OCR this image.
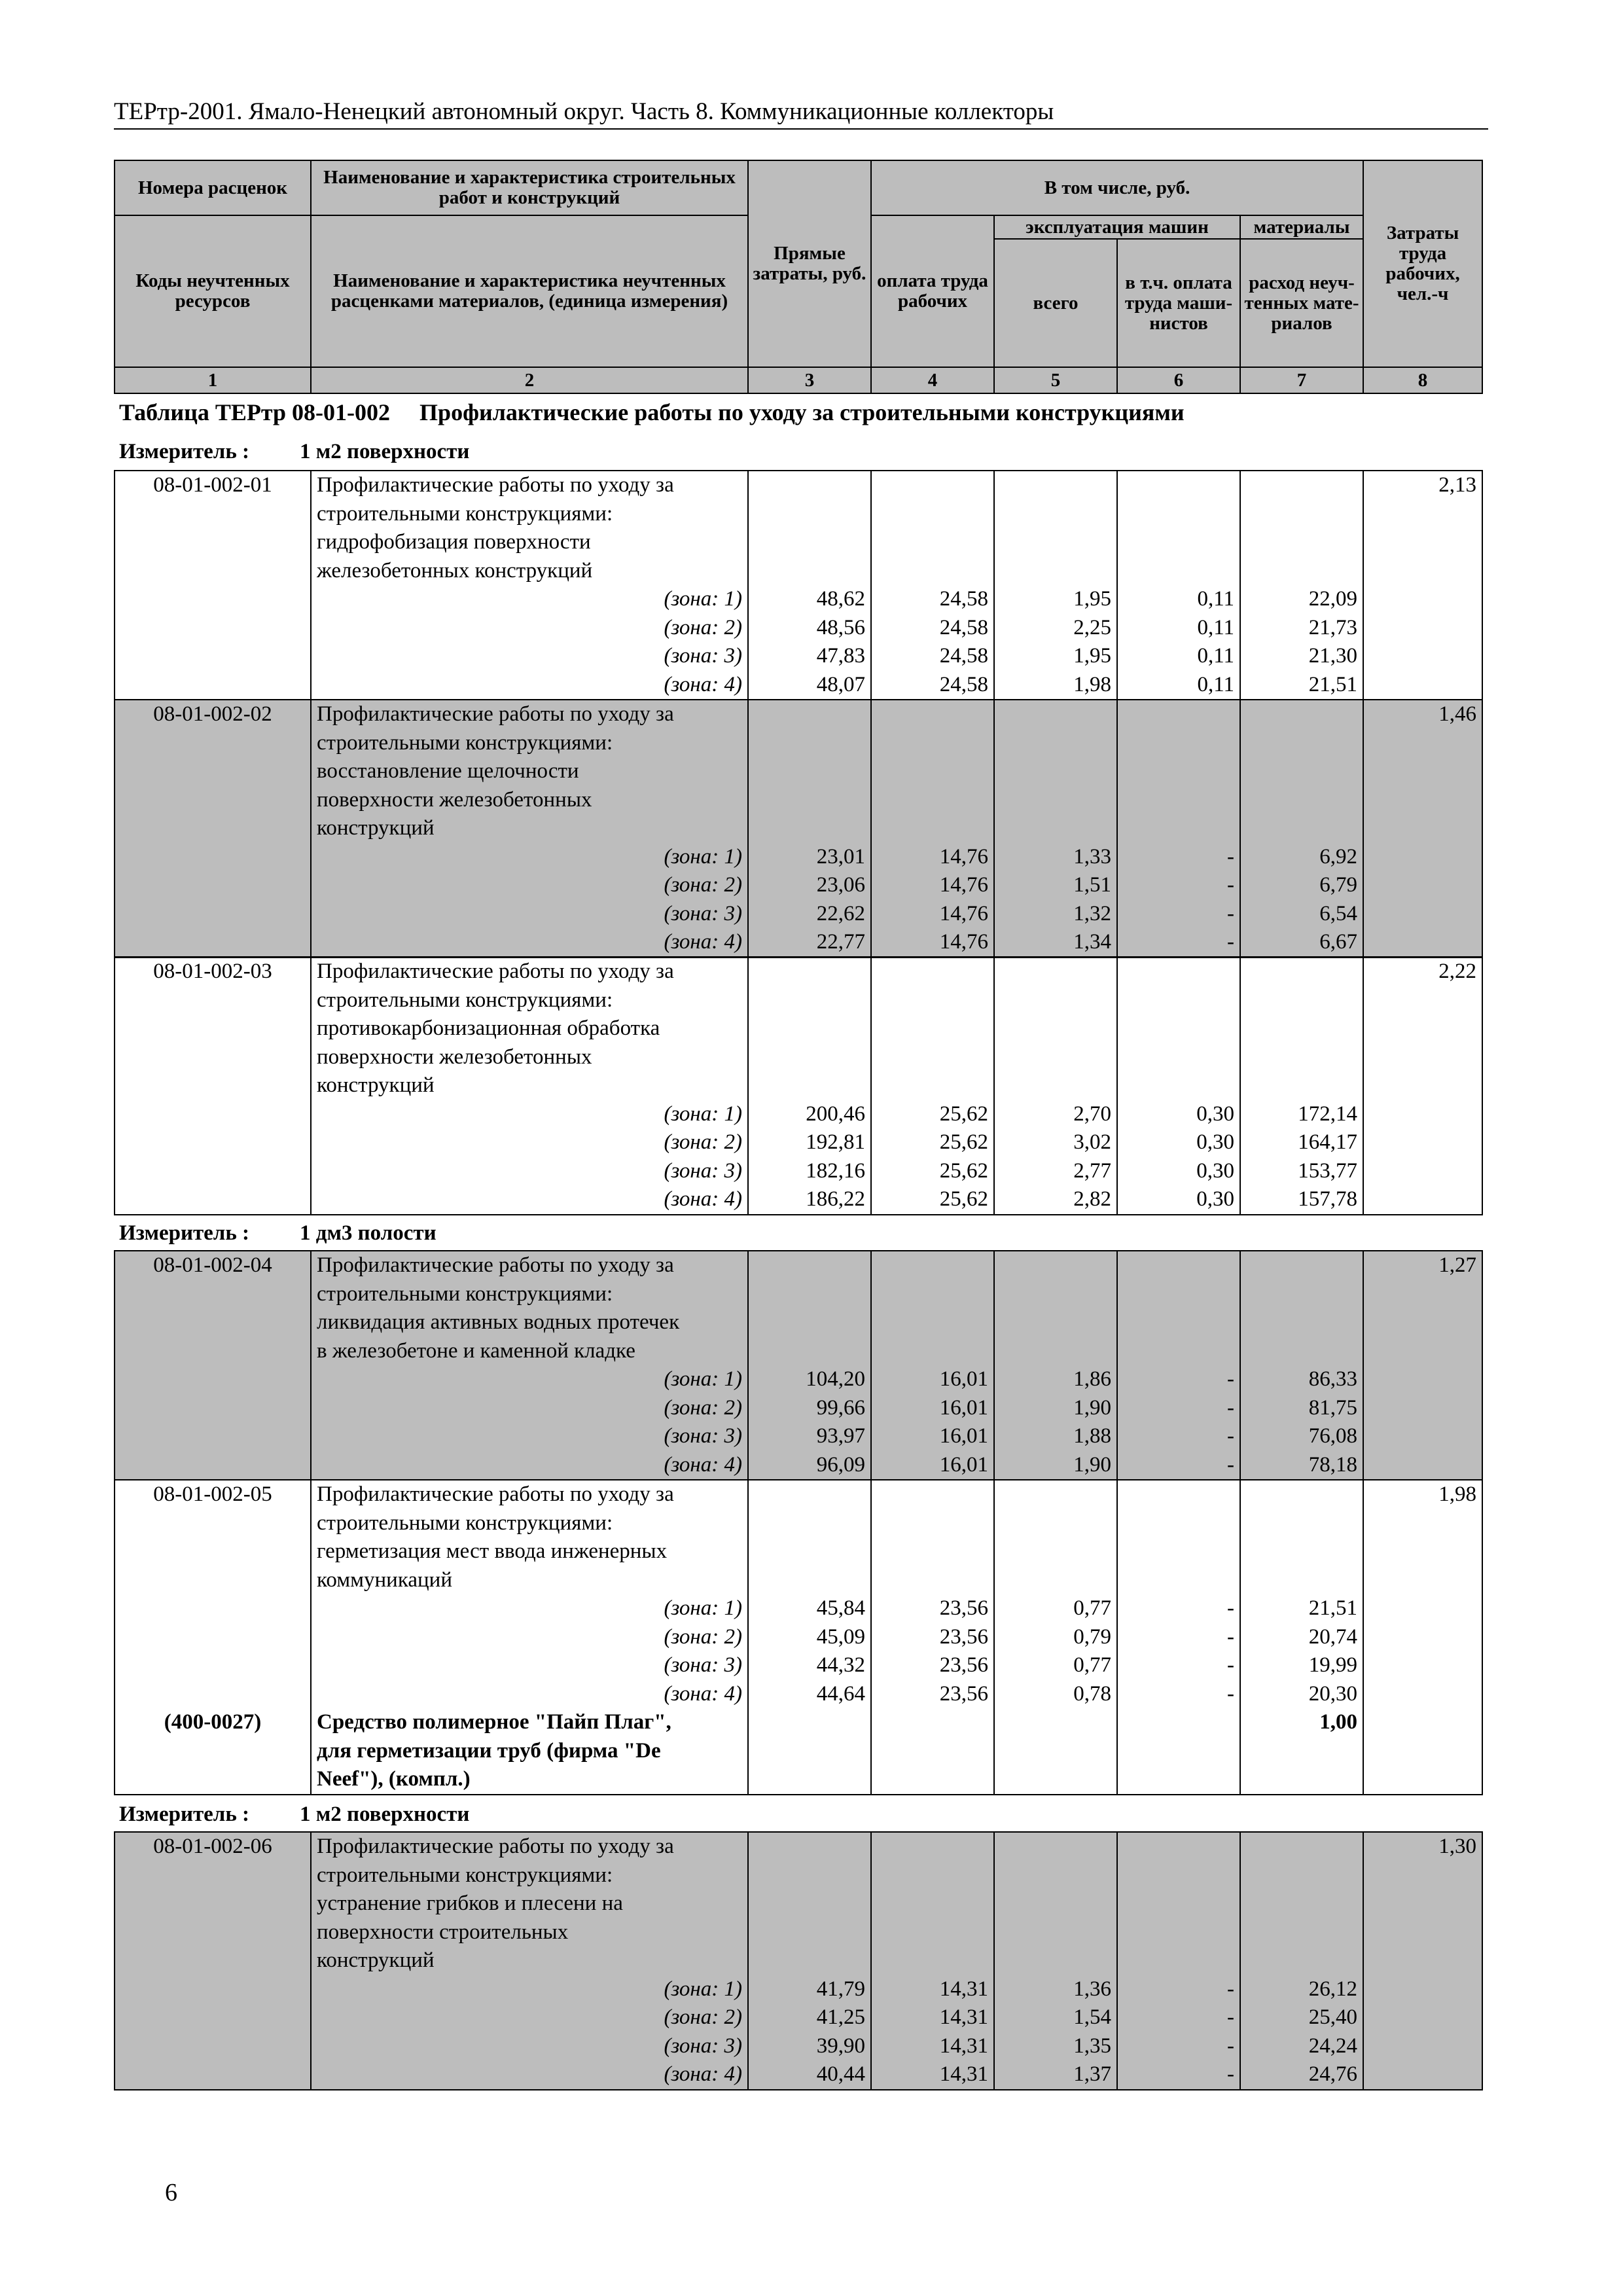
ТЕРтр-2001. Ямало-Ненецкий автономный округ. Часть 8. Коммуникационные коллекторы
Номера расценок	Наименование и характеристика строительных работ и конструкций	Прямые затраты, руб.	В том числе, руб.				Затраты труда рабочих, чел.-ч
Коды неучтенных ресурсов	Наименование и характеристика неучтенных расценками материалов, (единица измерения)		оплата труда рабочих	эксплуатация машин		материалы	
				всего	в т.ч. оплата труда маши- нистов	расход неуч- тенных мате- риалов	
1	2	3	4	5	6	7	8
Таблица ТЕРтр 08-01-002 Профилактические работы по уходу за строительными конструкциями
Измеритель : 1 м2 поверхности
Измеритель : 1 дм3 полости
Измеритель : 1 м2 поверхности
08-01-002-01	Профилактические работы по уходу за						2,13
	строительными конструкциями:						
	гидрофобизация поверхности						
	железобетонных конструкций						
	(зона: 1)	48,62	24,58	1,95	0,11	22,09	
	(зона: 2)	48,56	24,58	2,25	0,11	21,73	
	(зона: 3)	47,83	24,58	1,95	0,11	21,30	
	(зона: 4)	48,07	24,58	1,98	0,11	21,51	
08-01-002-02	Профилактические работы по уходу за						1,46
	строительными конструкциями:						
	восстановление щелочности						
	поверхности железобетонных						
	конструкций						
	(зона: 1)	23,01	14,76	1,33	-	6,92	
	(зона: 2)	23,06	14,76	1,51	-	6,79	
	(зона: 3)	22,62	14,76	1,32	-	6,54	
	(зона: 4)	22,77	14,76	1,34	-	6,67	
08-01-002-03	Профилактические работы по уходу за						2,22
	строительными конструкциями:						
	противокарбонизационная обработка						
	поверхности железобетонных						
	конструкций						
	(зона: 1)	200,46	25,62	2,70	0,30	172,14	
	(зона: 2)	192,81	25,62	3,02	0,30	164,17	
	(зона: 3)	182,16	25,62	2,77	0,30	153,77	
	(зона: 4)	186,22	25,62	2,82	0,30	157,78	
08-01-002-04	Профилактические работы по уходу за						1,27
	строительными конструкциями:						
	ликвидация активных водных протечек						
	в железобетоне и каменной кладке						
	(зона: 1)	104,20	16,01	1,86	-	86,33	
	(зона: 2)	99,66	16,01	1,90	-	81,75	
	(зона: 3)	93,97	16,01	1,88	-	76,08	
	(зона: 4)	96,09	16,01	1,90	-	78,18	
08-01-002-05	Профилактические работы по уходу за						1,98
	строительными конструкциями:						
	герметизация мест ввода инженерных						
	коммуникаций						
	(зона: 1)	45,84	23,56	0,77	-	21,51	
	(зона: 2)	45,09	23,56	0,79	-	20,74	
	(зона: 3)	44,32	23,56	0,77	-	19,99	
	(зона: 4)	44,64	23,56	0,78	-	20,30	
(400-0027)	Средство полимерное "Пайп Плаг",					1,00	
	для герметизации труб (фирма "De						
	Neef"), (компл.)						
08-01-002-06	Профилактические работы по уходу за						1,30
	строительными конструкциями:						
	устранение грибков и плесени на						
	поверхности строительных						
	конструкций						
	(зона: 1)	41,79	14,31	1,36	-	26,12	
	(зона: 2)	41,25	14,31	1,54	-	25,40	
	(зона: 3)	39,90	14,31	1,35	-	24,24	
	(зона: 4)	40,44	14,31	1,37	-	24,76	
6
